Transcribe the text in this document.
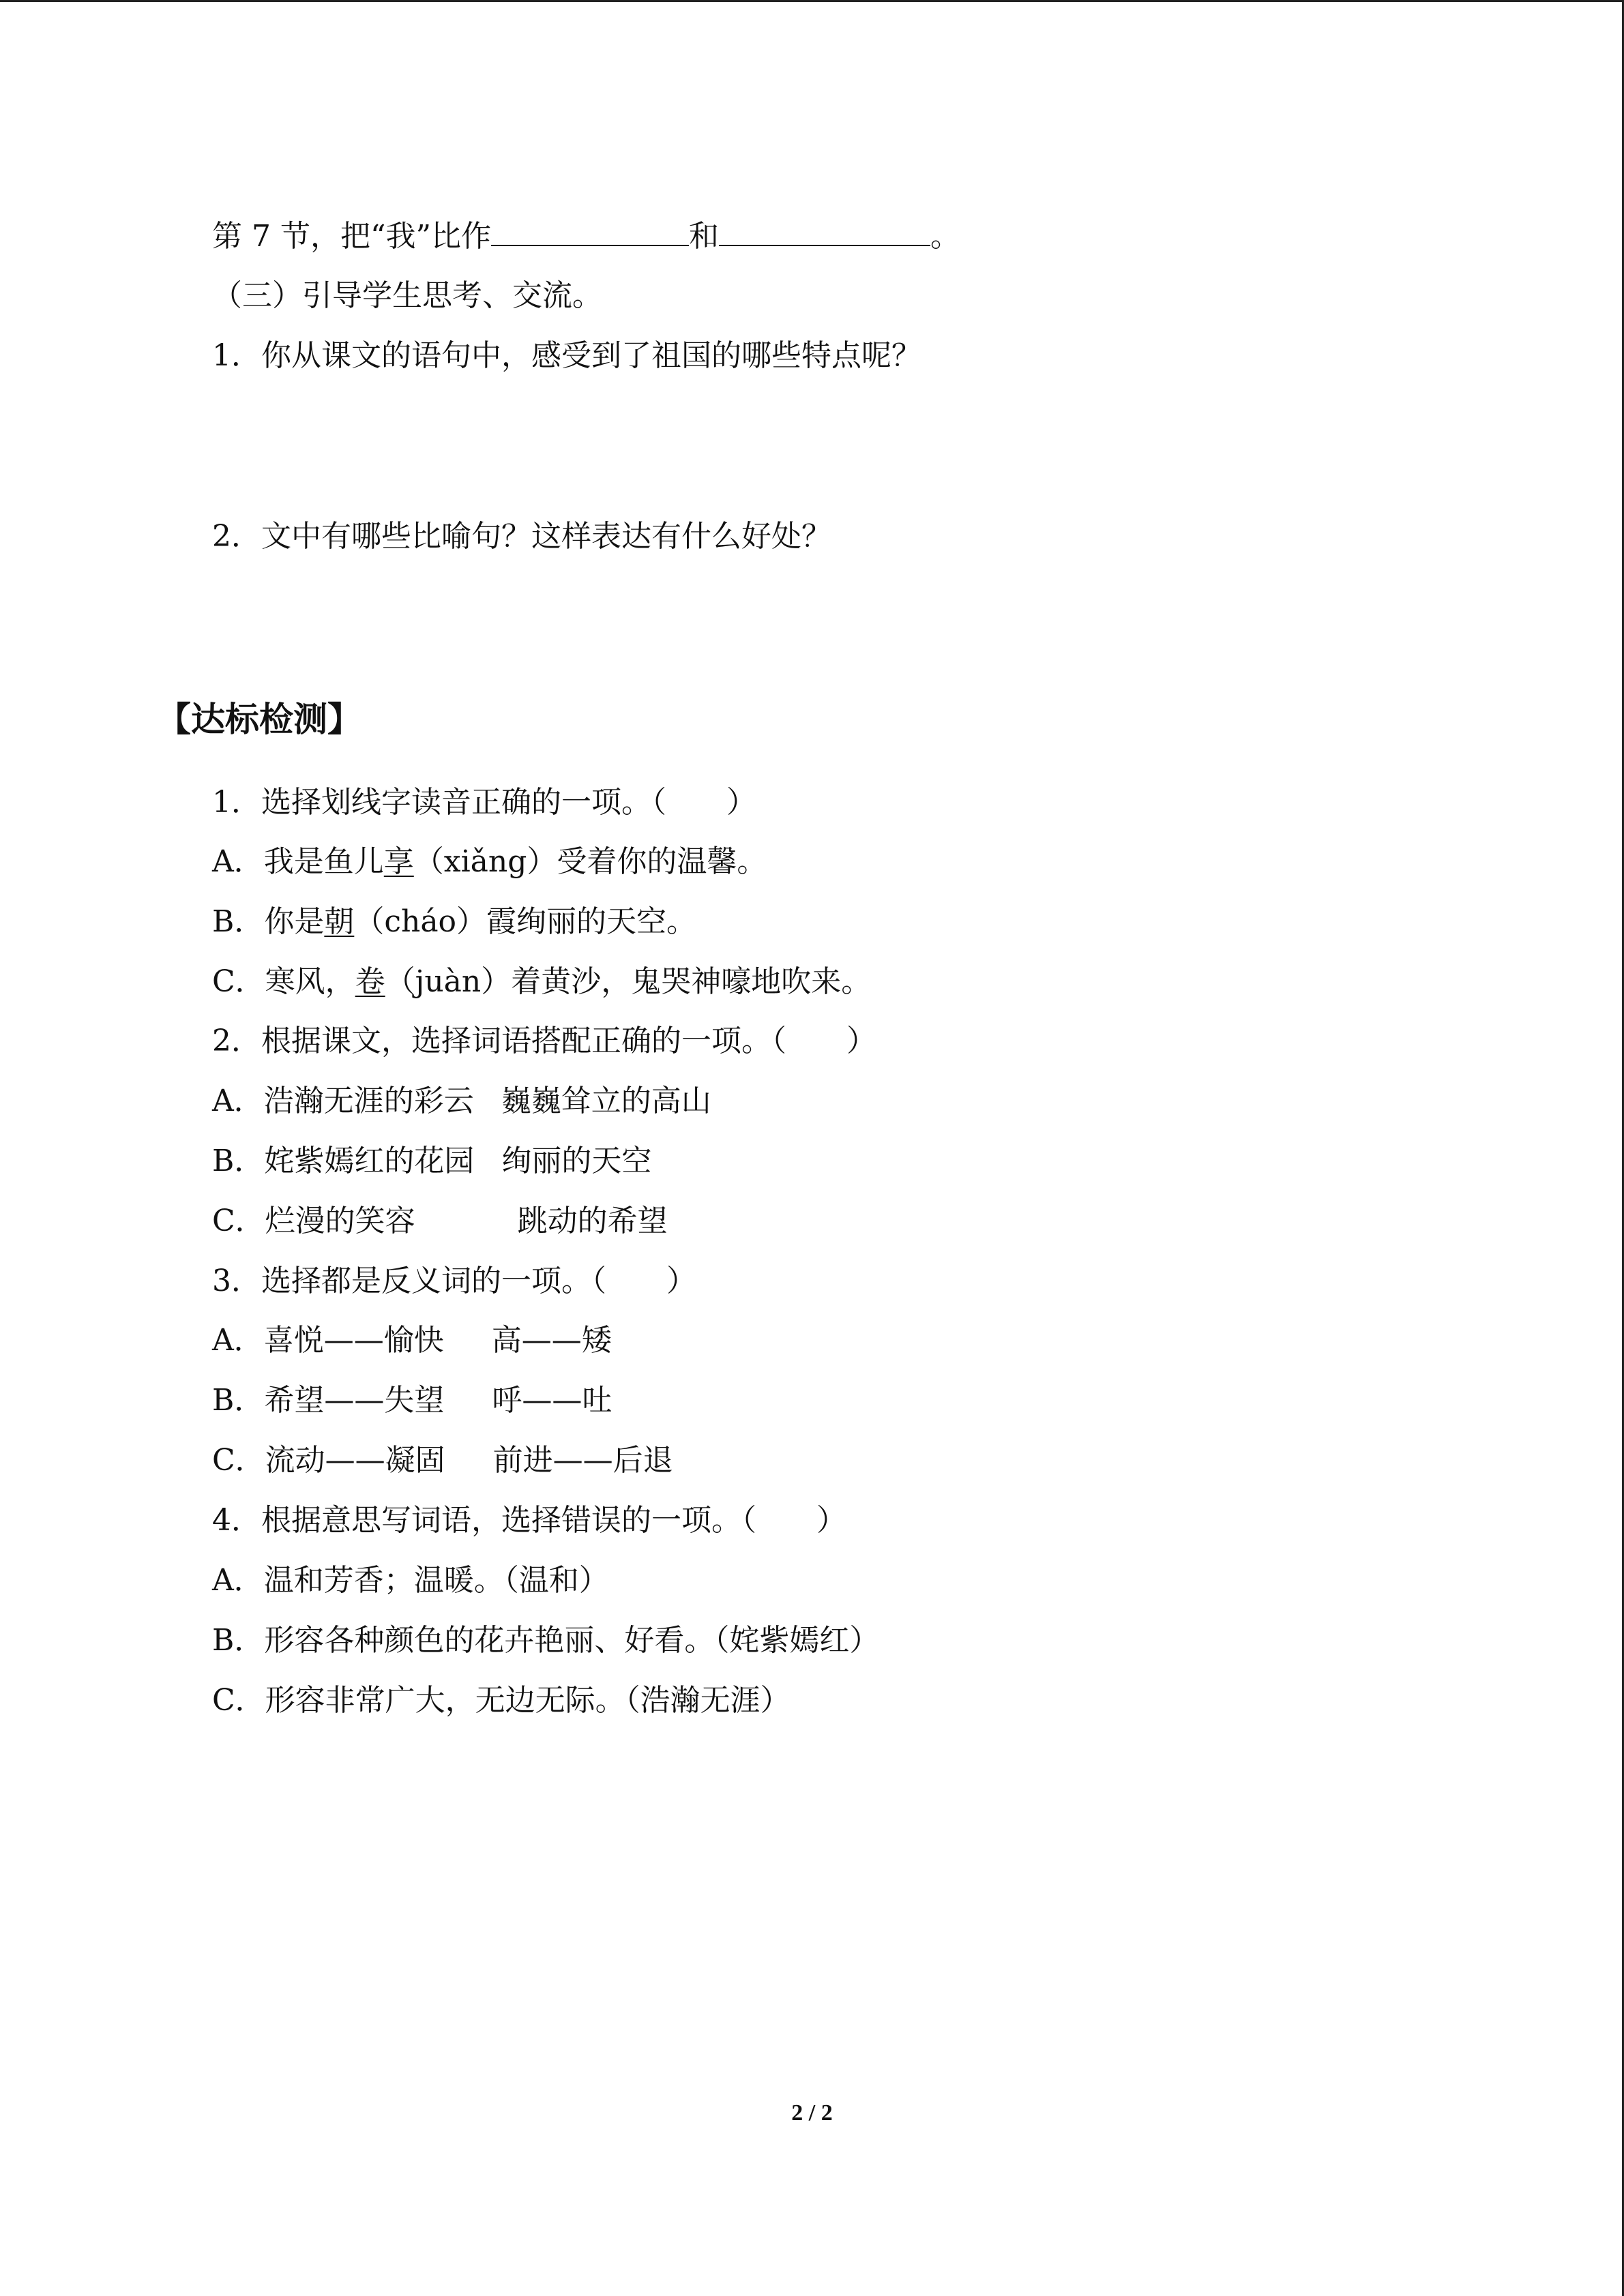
第 7 节，把“我”比作	和	。
（三）引导学生思考、交流。
1．你从课文的语句中，感受到了祖国的哪些特点呢？
2．文中有哪些比喻句？这样表达有什么好处？
【达标检测】
1．选择划线字读音正确的一项。（　　）
A．我是鱼儿享（xiǎng）受着你的温馨。
B．你是朝（cháo）霞绚丽的天空。
C．寒风，卷（juàn）着黄沙，鬼哭神嚎地吹来。
2．根据课文，选择词语搭配正确的一项。（　　）
A．浩瀚无涯的彩云 巍巍耸立的高山
B．姹紫嫣红的花园 绚丽的天空
C．烂漫的笑容	跳动的希望
3．选择都是反义词的一项。（　　）
A．喜悦——愉快 高——矮
B．希望——失望 呼——吐
C．流动——凝固 前进——后退
4．根据意思写词语，选择错误的一项。（　　）
A．温和芳香；温暖。（温和）
B．形容各种颜色的花卉艳丽、好看。（姹紫嫣红）
C．形容非常广大，无边无际。（浩瀚无涯）
2 / 2
